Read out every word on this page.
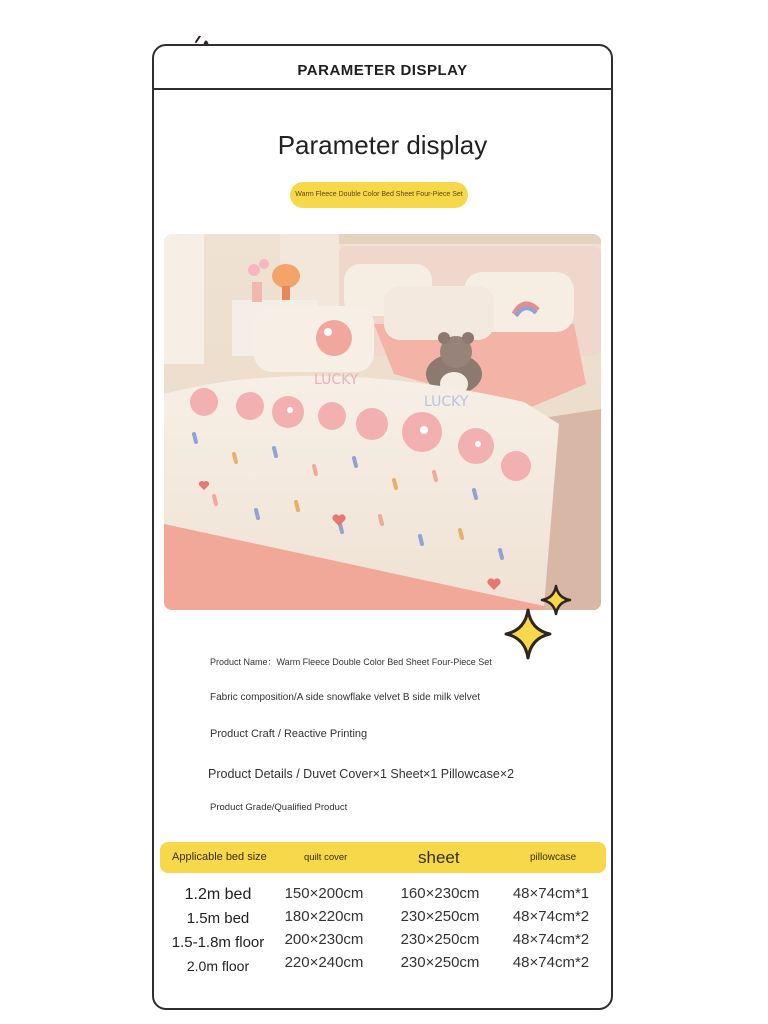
PARAMETER DISPLAY
Parameter display
Warm Fleece Double Color Bed Sheet Four-Piece Set
LUCKY
LUCKY
Product Name：Warm Fleece Double Color Bed Sheet Four-Piece Set
Fabric composition/A side snowflake velvet B side milk velvet
Product Craft / Reactive Printing
Product Details / Duvet Cover×1 Sheet×1 Pillowcase×2
Product Grade/Qualified Product
Applicable bed size	quilt cover	sheet	pillowcase
1.2m bed	150×200cm	160×230cm	48×74cm*1
1.5m bed	180×220cm	230×250cm	48×74cm*2
1.5-1.8m floor	200×230cm	230×250cm	48×74cm*2
2.0m floor	220×240cm	230×250cm	48×74cm*2
